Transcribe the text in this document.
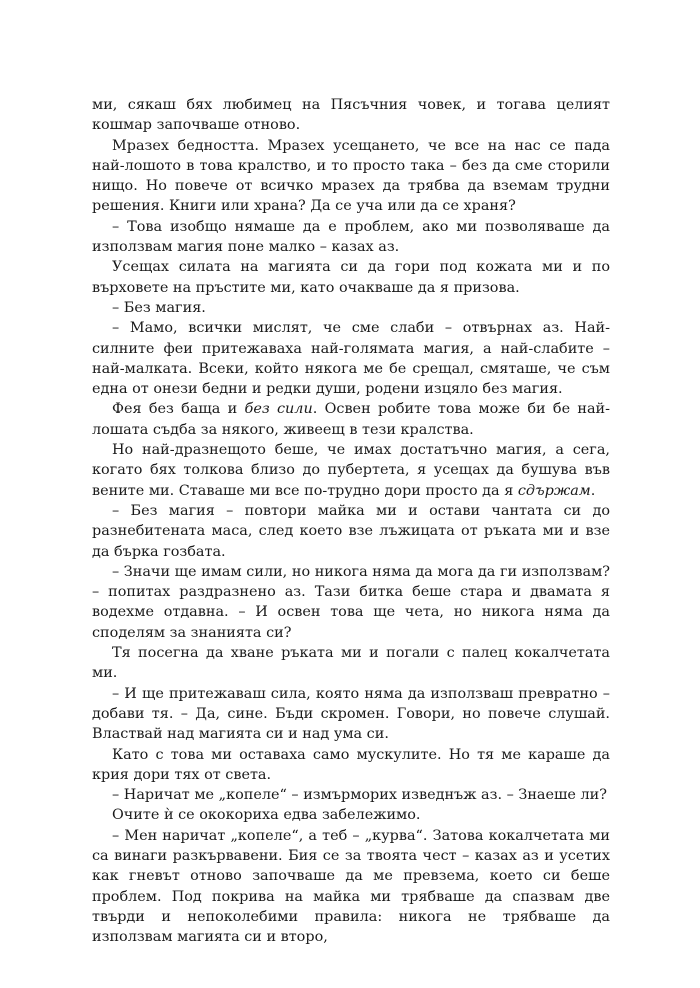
ми, сякаш бях любимец на Пясъчния човек, и тогава целият кошмар започваше отново.

Мразех бедността. Мразех усещането, че все на нас се пада най-лошото в това кралство, и то просто така – без да сме сторили нищо. Но повече от всичко мразех да трябва да вземам трудни решения. Книги или храна? Да се уча или да се храня?

– Това изобщо нямаше да е проблем, ако ми позволяваше да използвам магия поне малко – казах аз.

Усещах силата на магията си да гори под кожата ми и по върховете на пръстите ми, като очакваше да я призова.

– Без магия.

– Мамо, всички мислят, че сме слаби – отвърнах аз. Най-силните феи притежаваха най-голямата магия, а най-слабите – най-малката. Всеки, който някога ме бе срещал, смяташе, че съм една от онези бедни и редки души, родени изцяло без магия.

Фея без баща и без сили. Освен робите това може би бе най-лошата съдба за някого, живеещ в тези кралства.

Но най-дразнещото беше, че имах достатъчно магия, а сега, когато бях толкова близо до пубертета, я усещах да бушува във вените ми. Ставаше ми все по-трудно дори просто да я сдържам.

– Без магия – повтори майка ми и остави чантата си до разнебитената маса, след което взе лъжицата от ръката ми и взе да бърка гозбата.

– Значи ще имам сили, но никога няма да мога да ги използвам? – попитах раздразнено аз. Тази битка беше стара и двамата я водехме отдавна. – И освен това ще чета, но никога няма да споделям за знанията си?

Тя посегна да хване ръката ми и погали с палец кокалчетата ми.

– И ще притежаваш сила, която няма да използваш превратно – добави тя. – Да, сине. Бъди скромен. Говори, но повече слушай. Властвай над магията си и над ума си.

Като с това ми оставаха само мускулите. Но тя ме караше да крия дори тях от света.

– Наричат ме „копеле“ – измърморих изведнъж аз. – Знаеше ли?

Очите ѝ се ококориха едва забележимо.

– Мен наричат „копеле“, а теб – „курва“. Затова кокалчетата ми са винаги разкървавени. Бия се за твоята чест – казах аз и усетих как гневът отново започваше да ме превзема, което си беше проблем. Под покрива на майка ми трябваше да спазвам две твърди и непоколебими правила: никога не трябваше да използвам магията си и второ,
